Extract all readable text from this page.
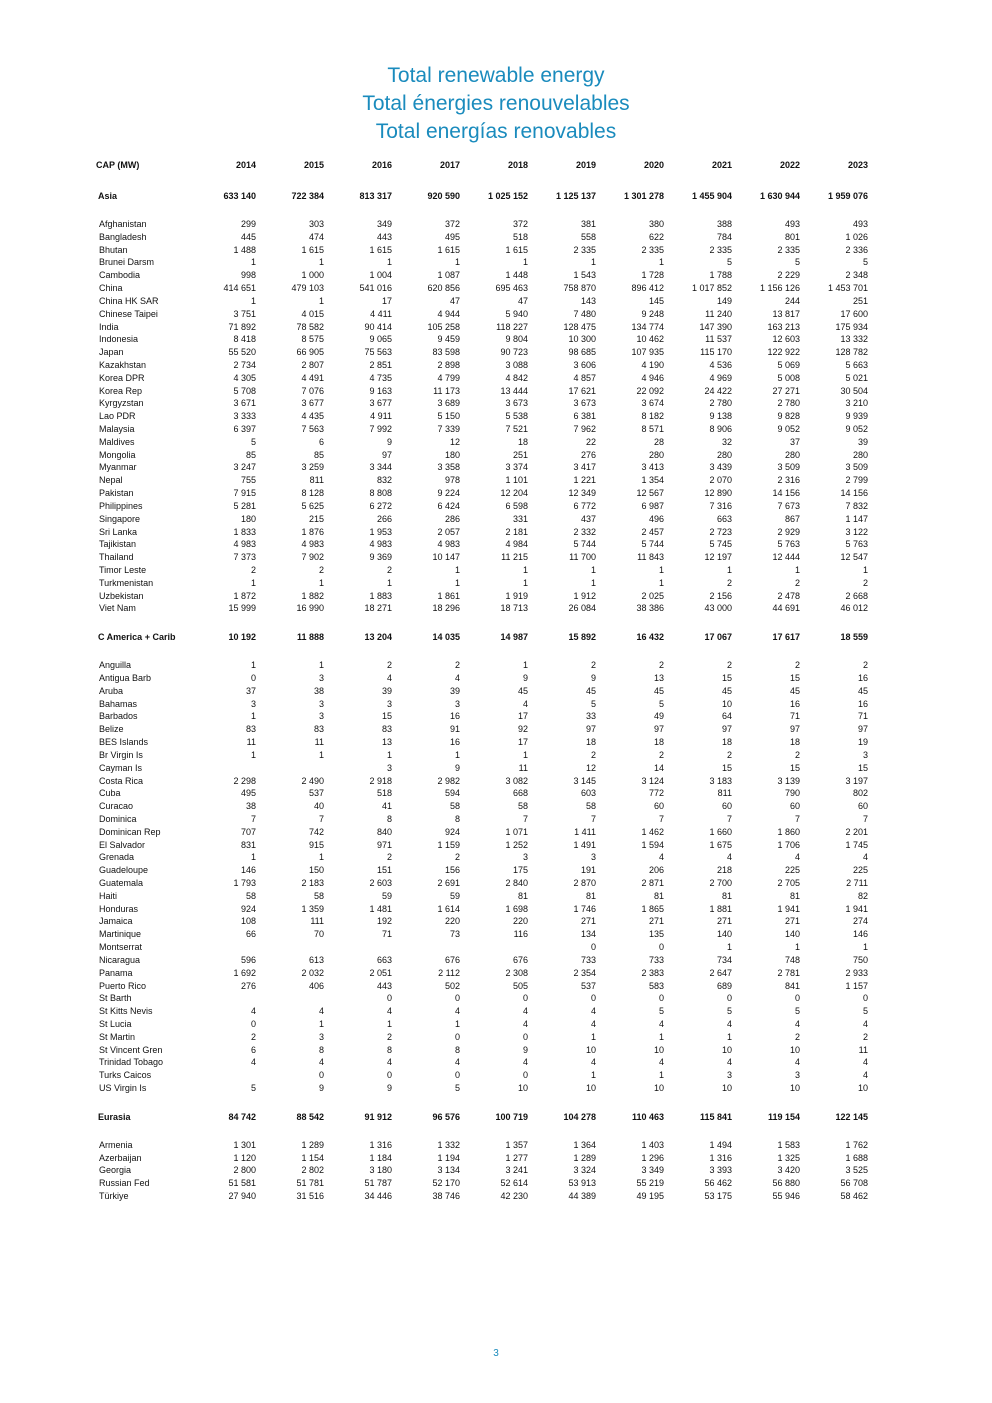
Total renewable energy
Total énergies renouvelables
Total energías renovables
CAP (MW)	2014	2015	2016	2017	2018	2019	2020	2021	2022	2023

Asia	633 140	722 384	813 317	920 590	1 025 152	1 125 137	1 301 278	1 455 904	1 630 944	1 959 076

Afghanistan	299	303	349	372	372	381	380	388	493	493
Bangladesh	445	474	443	495	518	558	622	784	801	1 026
Bhutan	1 488	1 615	1 615	1 615	1 615	2 335	2 335	2 335	2 335	2 336
Brunei Darsm	1	1	1	1	1	1	1	5	5	5
Cambodia	998	1 000	1 004	1 087	1 448	1 543	1 728	1 788	2 229	2 348
China	414 651	479 103	541 016	620 856	695 463	758 870	896 412	1 017 852	1 156 126	1 453 701
China HK SAR	1	1	17	47	47	143	145	149	244	251
Chinese Taipei	3 751	4 015	4 411	4 944	5 940	7 480	9 248	11 240	13 817	17 600
India	71 892	78 582	90 414	105 258	118 227	128 475	134 774	147 390	163 213	175 934
Indonesia	8 418	8 575	9 065	9 459	9 804	10 300	10 462	11 537	12 603	13 332
Japan	55 520	66 905	75 563	83 598	90 723	98 685	107 935	115 170	122 922	128 782
Kazakhstan	2 734	2 807	2 851	2 898	3 088	3 606	4 190	4 536	5 069	5 663
Korea DPR	4 305	4 491	4 735	4 799	4 842	4 857	4 946	4 969	5 008	5 021
Korea Rep	5 708	7 076	9 163	11 173	13 444	17 621	22 092	24 422	27 271	30 504
Kyrgyzstan	3 671	3 677	3 677	3 689	3 673	3 673	3 674	2 780	2 780	3 210
Lao PDR	3 333	4 435	4 911	5 150	5 538	6 381	8 182	9 138	9 828	9 939
Malaysia	6 397	7 563	7 992	7 339	7 521	7 962	8 571	8 906	9 052	9 052
Maldives	5	6	9	12	18	22	28	32	37	39
Mongolia	85	85	97	180	251	276	280	280	280	280
Myanmar	3 247	3 259	3 344	3 358	3 374	3 417	3 413	3 439	3 509	3 509
Nepal	755	811	832	978	1 101	1 221	1 354	2 070	2 316	2 799
Pakistan	7 915	8 128	8 808	9 224	12 204	12 349	12 567	12 890	14 156	14 156
Philippines	5 281	5 625	6 272	6 424	6 598	6 772	6 987	7 316	7 673	7 832
Singapore	180	215	266	286	331	437	496	663	867	1 147
Sri Lanka	1 833	1 876	1 953	2 057	2 181	2 332	2 457	2 723	2 929	3 122
Tajikistan	4 983	4 983	4 983	4 983	4 984	5 744	5 744	5 745	5 763	5 763
Thailand	7 373	7 902	9 369	10 147	11 215	11 700	11 843	12 197	12 444	12 547
Timor Leste	2	2	2	1	1	1	1	1	1	1
Turkmenistan	1	1	1	1	1	1	1	2	2	2
Uzbekistan	1 872	1 882	1 883	1 861	1 919	1 912	2 025	2 156	2 478	2 668
Viet Nam	15 999	16 990	18 271	18 296	18 713	26 084	38 386	43 000	44 691	46 012

C America + Carib	10 192	11 888	13 204	14 035	14 987	15 892	16 432	17 067	17 617	18 559

Anguilla	1	1	2	2	1	2	2	2	2	2
Antigua Barb	0	3	4	4	9	9	13	15	15	16
Aruba	37	38	39	39	45	45	45	45	45	45
Bahamas	3	3	3	3	4	5	5	10	16	16
Barbados	1	3	15	16	17	33	49	64	71	71
Belize	83	83	83	91	92	97	97	97	97	97
BES Islands	11	11	13	16	17	18	18	18	18	19
Br Virgin Is	1	1	1	1	1	2	2	2	2	3
Cayman Is			3	9	11	12	14	15	15	15
Costa Rica	2 298	2 490	2 918	2 982	3 082	3 145	3 124	3 183	3 139	3 197
Cuba	495	537	518	594	668	603	772	811	790	802
Curacao	38	40	41	58	58	58	60	60	60	60
Dominica	7	7	8	8	7	7	7	7	7	7
Dominican Rep	707	742	840	924	1 071	1 411	1 462	1 660	1 860	2 201
El Salvador	831	915	971	1 159	1 252	1 491	1 594	1 675	1 706	1 745
Grenada	1	1	2	2	3	3	4	4	4	4
Guadeloupe	146	150	151	156	175	191	206	218	225	225
Guatemala	1 793	2 183	2 603	2 691	2 840	2 870	2 871	2 700	2 705	2 711
Haiti	58	58	59	59	81	81	81	81	81	82
Honduras	924	1 359	1 481	1 614	1 698	1 746	1 865	1 881	1 941	1 941
Jamaica	108	111	192	220	220	271	271	271	271	274
Martinique	66	70	71	73	116	134	135	140	140	146
Montserrat						0	0	1	1	1
Nicaragua	596	613	663	676	676	733	733	734	748	750
Panama	1 692	2 032	2 051	2 112	2 308	2 354	2 383	2 647	2 781	2 933
Puerto Rico	276	406	443	502	505	537	583	689	841	1 157
St Barth			0	0	0	0	0	0	0	0
St Kitts Nevis	4	4	4	4	4	4	5	5	5	5
St Lucia	0	1	1	1	4	4	4	4	4	4
St Martin	2	3	2	0	0	1	1	1	2	2
St Vincent Gren	6	8	8	8	9	10	10	10	10	11
Trinidad Tobago	4	4	4	4	4	4	4	4	4	4
Turks Caicos		0	0	0	0	1	1	3	3	4
US Virgin Is	5	9	9	5	10	10	10	10	10	10

Eurasia	84 742	88 542	91 912	96 576	100 719	104 278	110 463	115 841	119 154	122 145

Armenia	1 301	1 289	1 316	1 332	1 357	1 364	1 403	1 494	1 583	1 762
Azerbaijan	1 120	1 154	1 184	1 194	1 277	1 289	1 296	1 316	1 325	1 688
Georgia	2 800	2 802	3 180	3 134	3 241	3 324	3 349	3 393	3 420	3 525
Russian Fed	51 581	51 781	51 787	52 170	52 614	53 913	55 219	56 462	56 880	56 708
Türkiye	27 940	31 516	34 446	38 746	42 230	44 389	49 195	53 175	55 946	58 462
3
